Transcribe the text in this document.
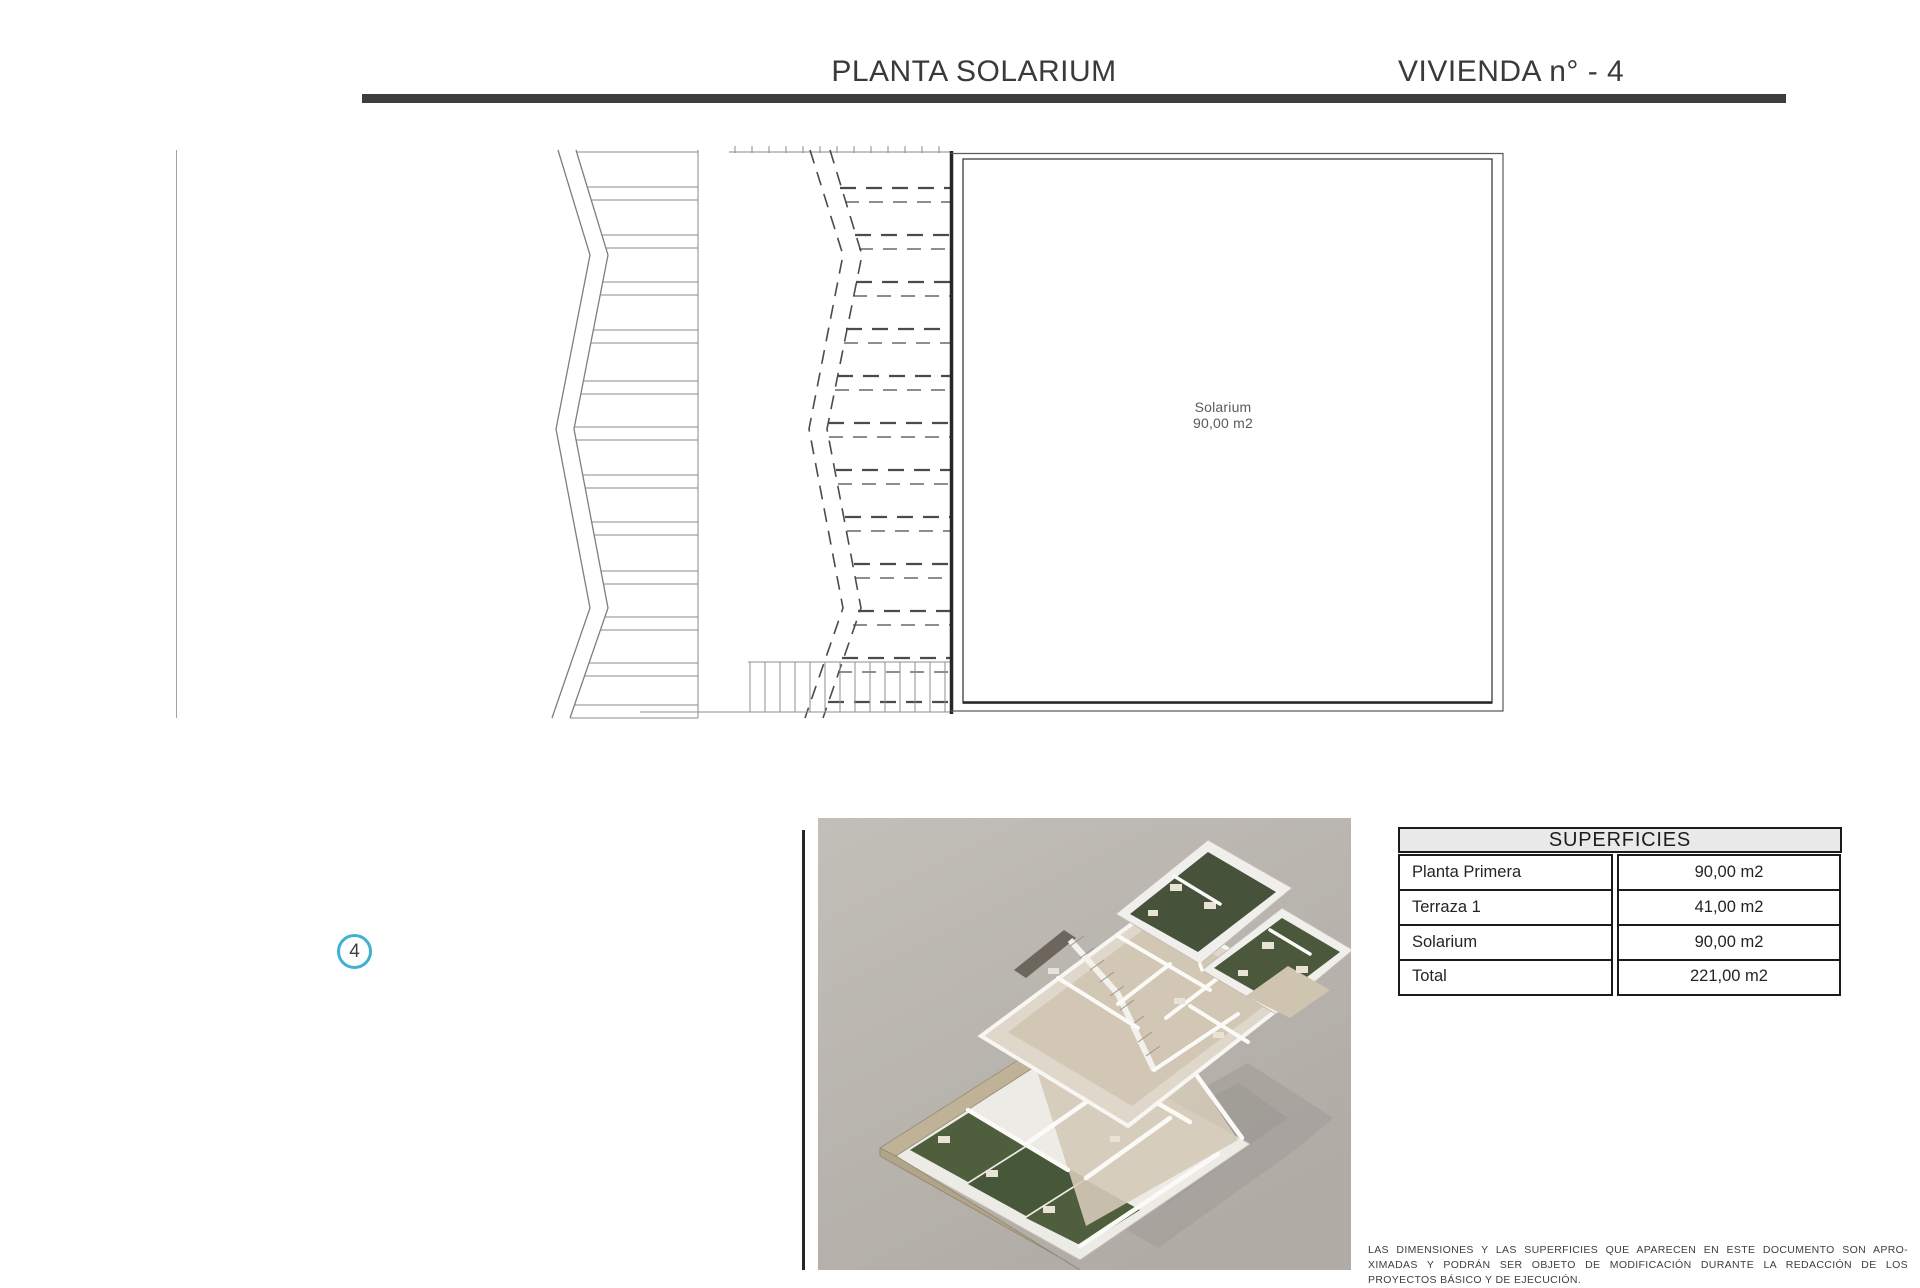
PLANTA SOLARIUM	VIVIENDA n° - 4
Solarium
90,00 m2
4
SUPERFICIES
Planta Primera
Terraza 1
Solarium
Total
90,00 m2
41,00 m2
90,00 m2
221,00 m2
LAS DIMENSIONES Y LAS SUPERFICIES QUE APARECEN EN ESTE DOCUMENTO SON APRO-
XIMADAS Y PODRÁN SER OBJETO DE MODIFICACIÓN DURANTE LA REDACCIÓN DE LOS
PROYECTOS BÁSICO Y DE EJECUCIÓN.
